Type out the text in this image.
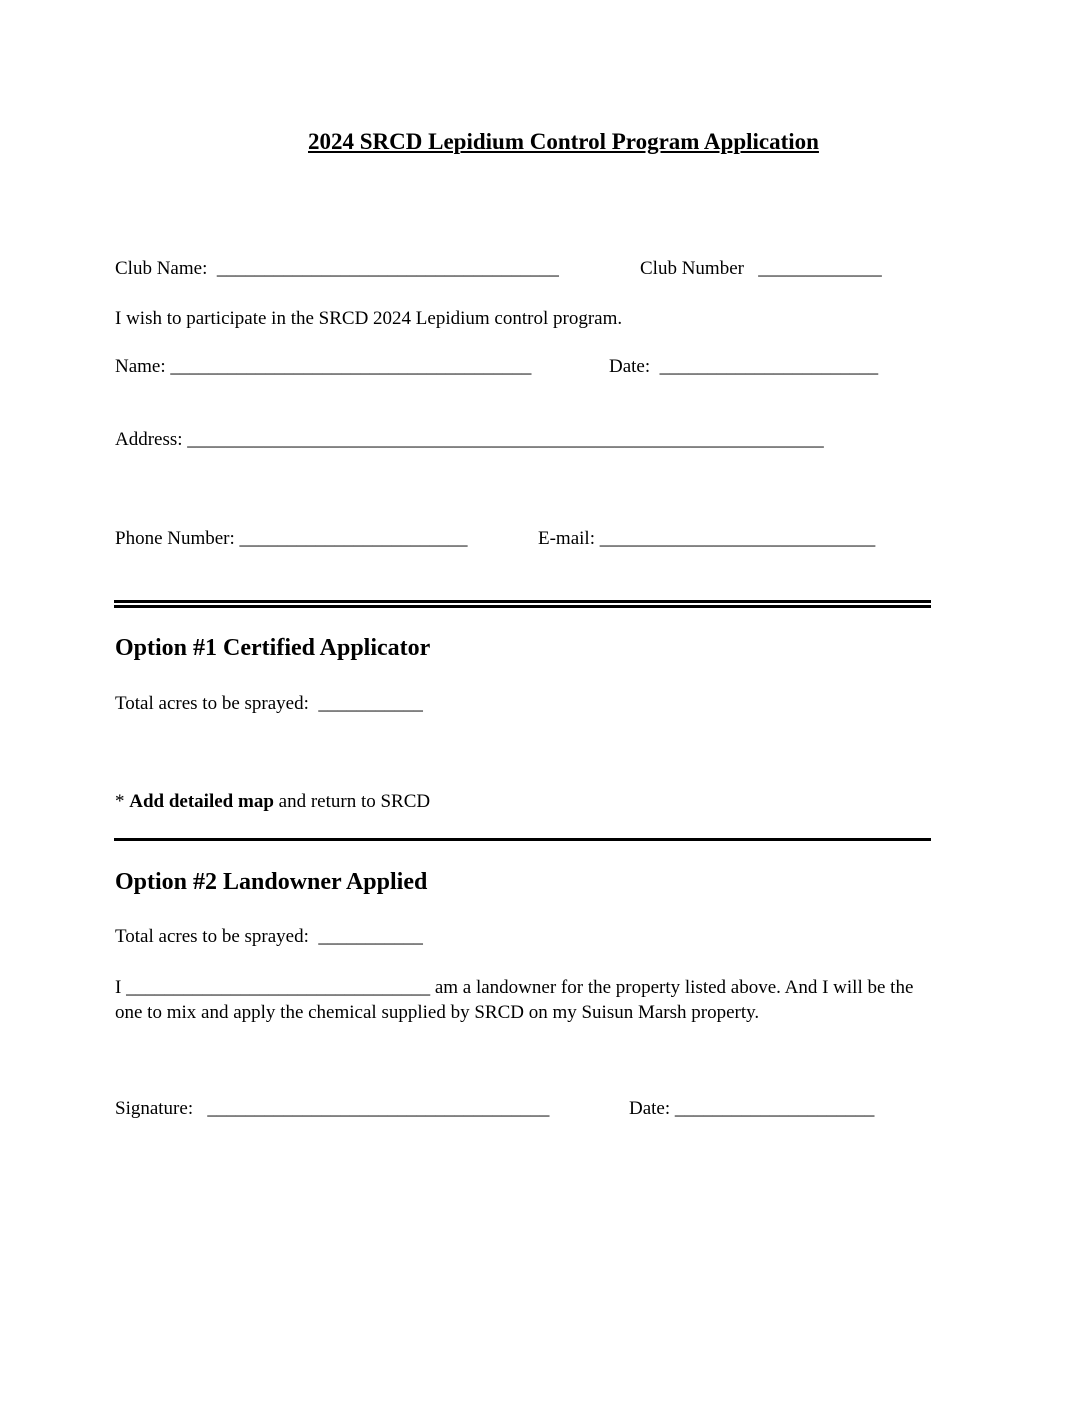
2024 SRCD Lepidium Control Program Application
Club Name:  ____________________________________	Club Number   _____________
I wish to participate in the SRCD 2024 Lepidium control program.
Name: ______________________________________	Date:  _______________________
Address: ___________________________________________________________________
Phone Number: ________________________	E-mail: _____________________________
Option #1 Certified Applicator
Total acres to be sprayed:  ___________
* Add detailed map and return to SRCD
Option #2 Landowner Applied
Total acres to be sprayed:  ___________
I ________________________________ am a landowner for the property listed above. And I will be the one to mix and apply the chemical supplied by SRCD on my Suisun Marsh property.
Signature:   ____________________________________	Date: _____________________
